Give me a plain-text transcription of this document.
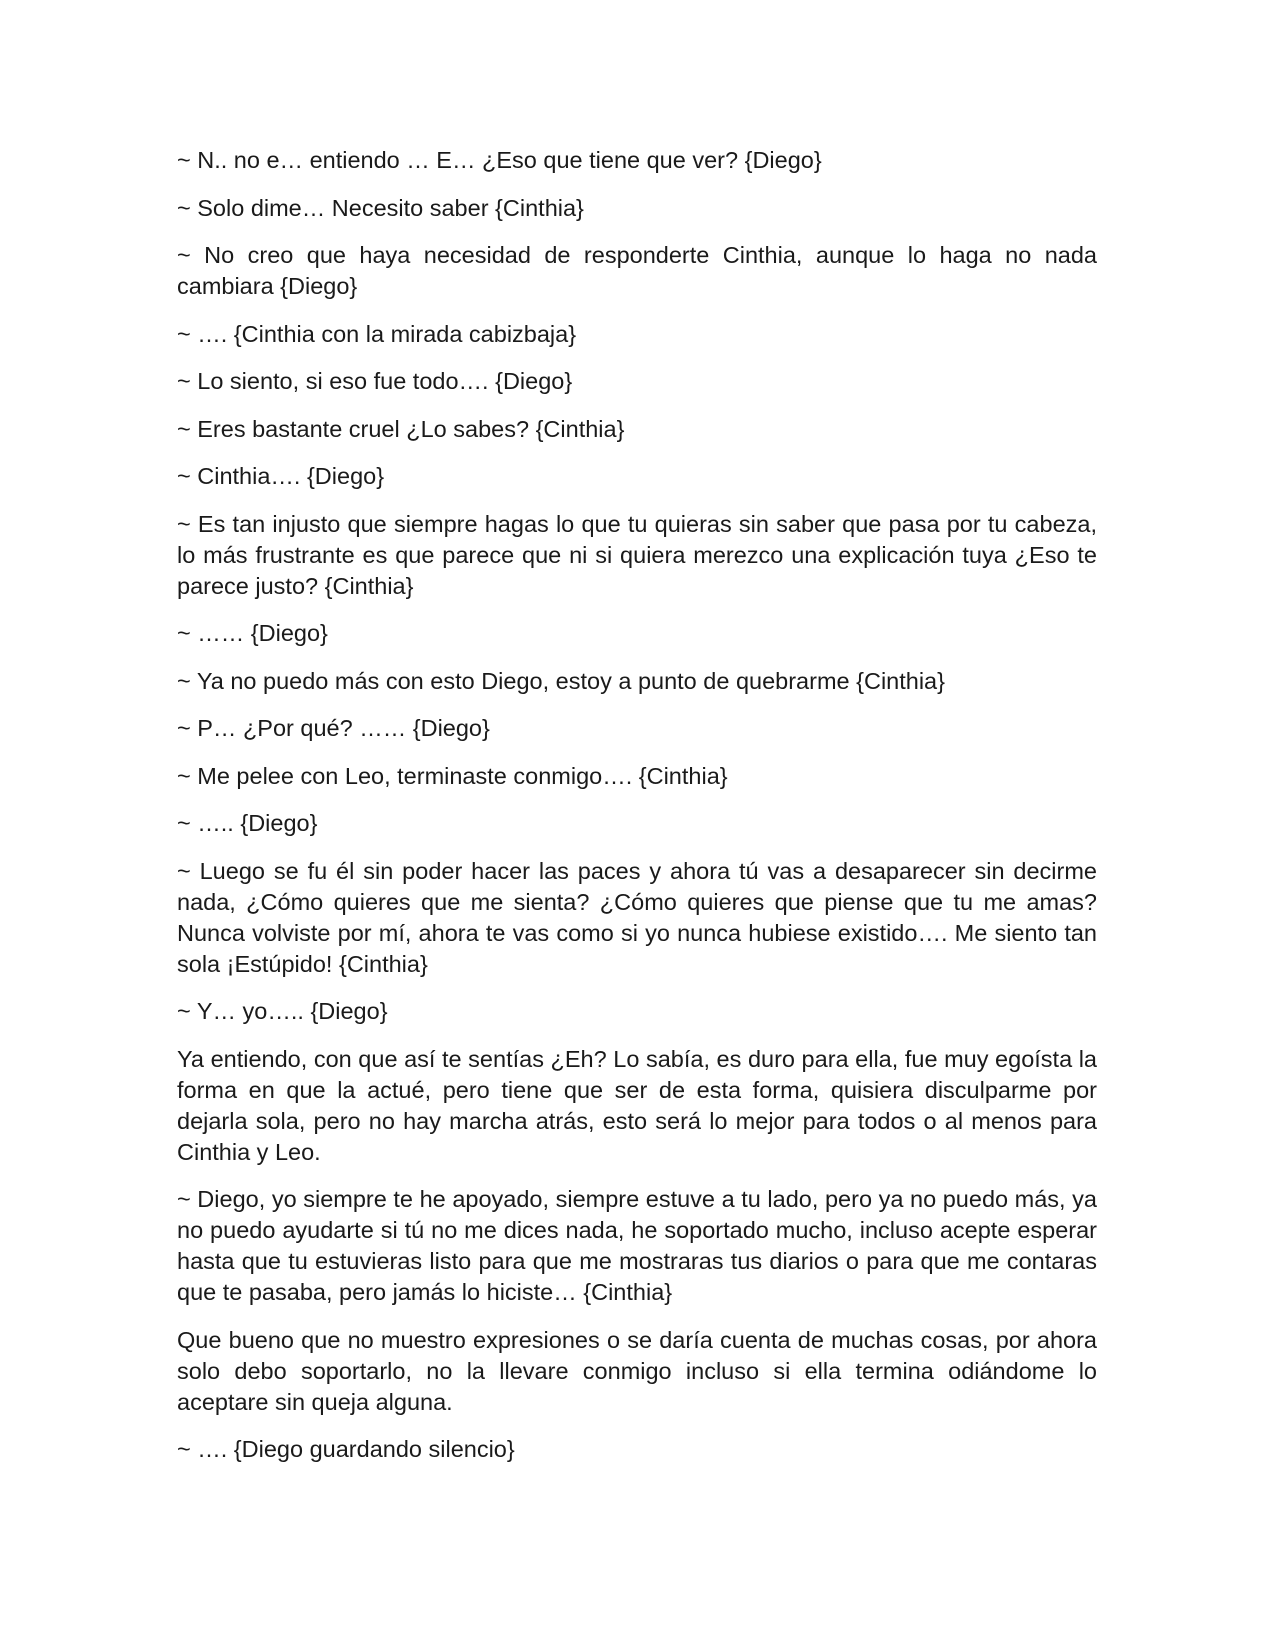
~ N.. no e… entiendo … E… ¿Eso que tiene que ver? {Diego}

~ Solo dime… Necesito saber {Cinthia}

~ No creo que haya necesidad de responderte Cinthia, aunque lo haga no nada cambiara {Diego}

~ …. {Cinthia con la mirada cabizbaja}

~ Lo siento, si eso fue todo…. {Diego}

~ Eres bastante cruel ¿Lo sabes? {Cinthia}

~ Cinthia…. {Diego}

~ Es tan injusto que siempre hagas lo que tu quieras sin saber que pasa por tu cabeza, lo más frustrante es que parece que ni si quiera merezco una explicación tuya ¿Eso te parece justo? {Cinthia}

~ …… {Diego}

~ Ya no puedo más con esto Diego, estoy a punto de quebrarme {Cinthia}

~ P… ¿Por qué? …… {Diego}

~ Me pelee con Leo, terminaste conmigo…. {Cinthia}

~ ….. {Diego}

~ Luego se fu él sin poder hacer las paces y ahora tú vas a desaparecer sin decirme nada, ¿Cómo quieres que me sienta? ¿Cómo quieres que piense que tu me amas? Nunca volviste por mí, ahora te vas como si yo nunca hubiese existido…. Me siento tan sola ¡Estúpido! {Cinthia}

~ Y… yo….. {Diego}

Ya entiendo, con que así te sentías ¿Eh? Lo sabía, es duro para ella, fue muy egoísta la forma en que la actué, pero tiene que ser de esta forma, quisiera disculparme por dejarla sola, pero no hay marcha atrás, esto será lo mejor para todos o al menos para Cinthia y Leo.

~ Diego, yo siempre te he apoyado, siempre estuve a tu lado, pero ya no puedo más, ya no puedo ayudarte si tú no me dices nada, he soportado mucho, incluso acepte esperar hasta que tu estuvieras listo para que me mostraras tus diarios o para que me contaras que te pasaba, pero jamás lo hiciste… {Cinthia}

Que bueno que no muestro expresiones o se daría cuenta de muchas cosas, por ahora solo debo soportarlo, no la llevare conmigo incluso si ella termina odiándome lo aceptare sin queja alguna.

~ …. {Diego guardando silencio}
